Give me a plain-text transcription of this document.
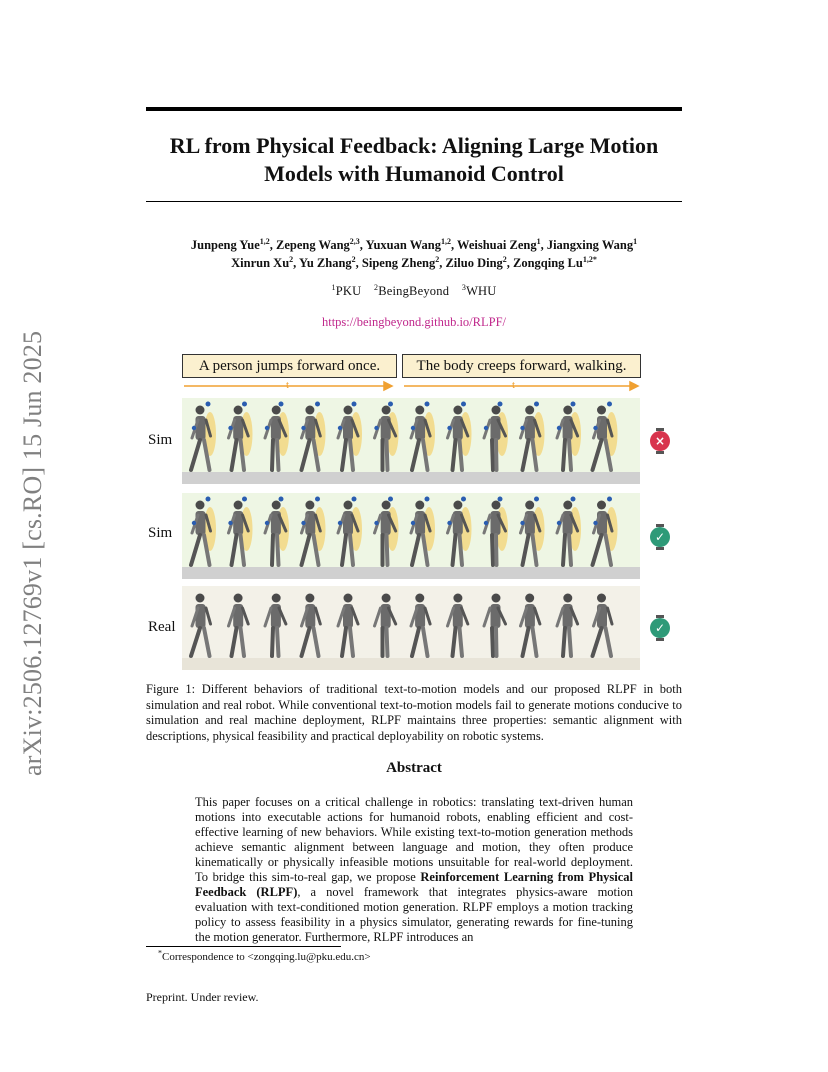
arXiv:2506.12769v1 [cs.RO] 15 Jun 2025
RL from Physical Feedback: Aligning Large Motion
Models with Humanoid Control
Junpeng Yue$^{1,2}$, Zepeng Wang$^{2,3}$, Yuxuan Wang$^{1,2}$, Weishuai Zeng$^1$, Jiangxing Wang$^1$
Xinrun Xu$^2$, Yu Zhang$^2$, Sipeng Zheng$^2$, Ziluo Ding$^2$, Zongqing $Lu^{1,2*}$
$^1$PKU  $^2$BeingBeyond  $^3$WHU
https://beingbeyond.github.io/RLPF/
A person jumps forward once.	The body creeps forward, walking.
t	t
Sim
Sim
Real
×
✓
✓
Figure 1: Different behaviors of traditional text-to-motion models and our proposed RLPF in both simulation and real robot. While conventional text-to-motion models fail to generate motions conducive to simulation and real machine deployment, RLPF maintains three properties: semantic alignment with descriptions, physical feasibility and practical deployability on robotic systems.
Abstract
This paper focuses on a critical challenge in robotics: translating text-driven human motions into executable actions for humanoid robots, enabling efficient and cost-effective learning of new behaviors. While existing text-to-motion generation methods achieve semantic alignment between language and motion, they often produce kinematically or physically infeasible motions unsuitable for real-world deployment. To bridge this sim-to-real gap, we propose Reinforcement Learning from Physical Feedback (RLPF), a novel framework that integrates physics-aware motion evaluation with text-conditioned motion generation. RLPF employs a motion tracking policy to assess feasibility in a physics simulator, generating rewards for fine-tuning the motion generator. Furthermore, RLPF introduces an
*Correspondence to <zongqing.lu@pku.edu.cn>
Preprint. Under review.
